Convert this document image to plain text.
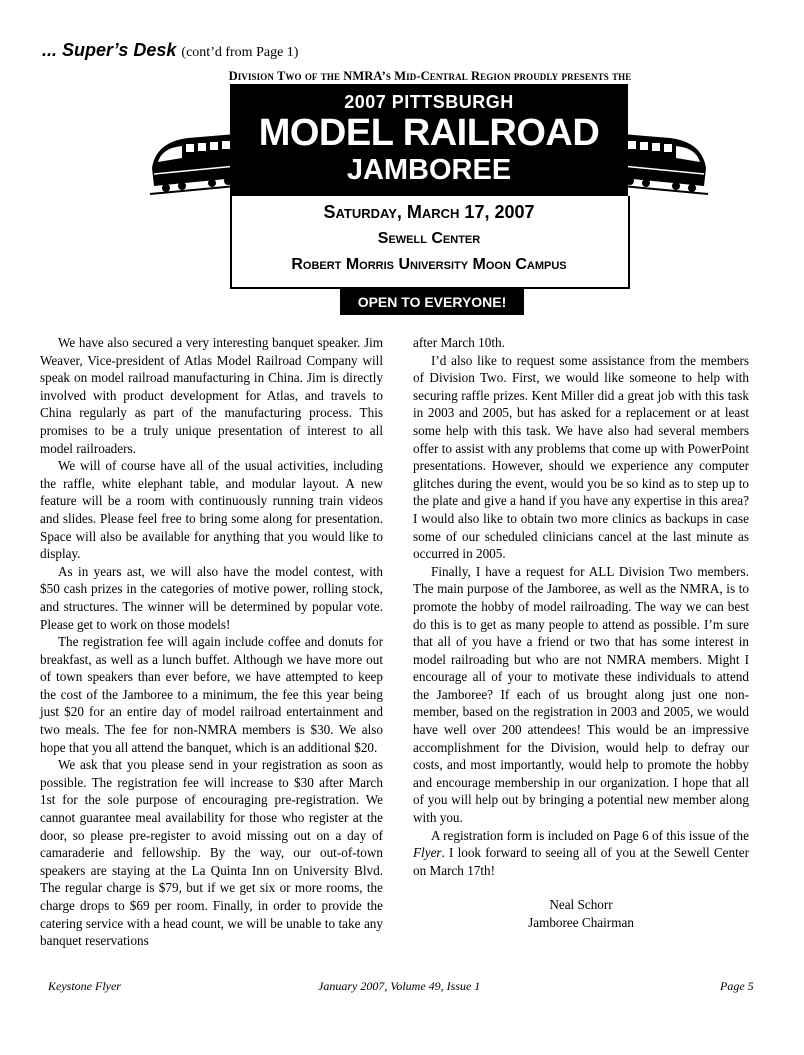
... Super’s Desk (cont’d from Page 1)
Division Two of the NMRA’s Mid-Central Region proudly presents the
2007 PITTSBURGH
MODEL RAILROAD
JAMBOREE
Saturday, March 17, 2007
Sewell Center
Robert Morris University Moon Campus
OPEN TO EVERYONE!

We have also secured a very interesting banquet speaker. Jim Weaver, Vice-president of Atlas Model Railroad Company will speak on model railroad manufacturing in China. Jim is directly involved with product development for Atlas, and travels to China regularly as part of the manufacturing process. This promises to be a truly unique presentation of interest to all model railroaders.

We will of course have all of the usual activities, including the raffle, white elephant table, and modular layout. A new feature will be a room with continuously running train videos and slides. Please feel free to bring some along for presentation. Space will also be available for anything that you would like to display.

As in years ast, we will also have the model contest, with $50 cash prizes in the categories of motive power, rolling stock, and structures. The winner will be determined by popular vote. Please get to work on those models!

The registration fee will again include coffee and donuts for breakfast, as well as a lunch buffet. Although we have more out of town speakers than ever before, we have attempted to keep the cost of the Jamboree to a minimum, the fee this year being just $20 for an entire day of model railroad entertainment and two meals. The fee for non-NMRA members is $30. We also hope that you all attend the banquet, which is an additional $20.

We ask that you please send in your registration as soon as possible. The registration fee will increase to $30 after March 1st for the sole purpose of encouraging pre-registration. We cannot guarantee meal availability for those who register at the door, so please pre-register to avoid missing out on a day of camaraderie and fellowship. By the way, our out-of-town speakers are staying at the La Quinta Inn on University Blvd. The regular charge is $79, but if we get six or more rooms, the charge drops to $69 per room. Finally, in order to provide the catering service with a head count, we will be unable to take any banquet reservations

after March 10th.

I’d also like to request some assistance from the members of Division Two. First, we would like someone to help with securing raffle prizes. Kent Miller did a great job with this task in 2003 and 2005, but has asked for a replacement or at least some help with this task. We have also had several members offer to assist with any problems that come up with PowerPoint presentations. However, should we experience any computer glitches during the event, would you be so kind as to step up to the plate and give a hand if you have any expertise in this area? I would also like to obtain two more clinics as backups in case some of our scheduled clinicians cancel at the last minute as occurred in 2005.

Finally, I have a request for ALL Division Two members. The main purpose of the Jamboree, as well as the NMRA, is to promote the hobby of model railroading. The way we can best do this is to get as many people to attend as possible. I’m sure that all of you have a friend or two that has some interest in model railroading but who are not NMRA members. Might I encourage all of your to motivate these individuals to attend the Jamboree? If each of us brought along just one non-member, based on the registration in 2003 and 2005, we would have well over 200 attendees! This would be an impressive accomplishment for the Division, would help to defray our costs, and most importantly, would help to promote the hobby and encourage membership in our organization. I hope that all of you will help out by bringing a potential new member along with you.

A registration form is included on Page 6 of this issue of the Flyer. I look forward to seeing all of you at the Sewell Center on March 17th!

Neal Schorr

Jamboree Chairman

Keystone Flyer	January 2007, Volume 49, Issue 1	Page 5
